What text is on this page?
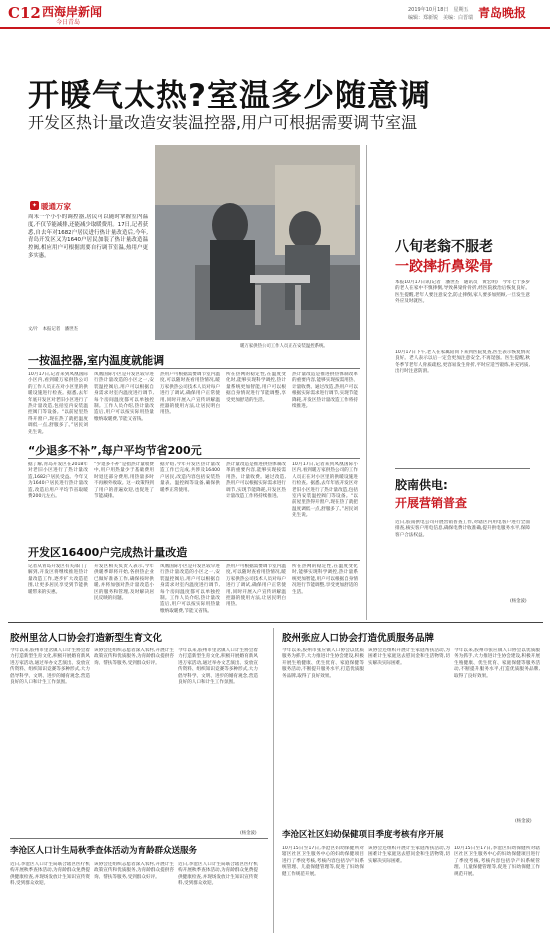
C12 西海岸新闻
今日青岛
2019年10月18日　星期五
编辑：郑新锐　美编：白晋瑞 青岛晚报
开暖气太热?室温多少随意调
开发区热计量改造安装温控器,用户可根据需要调节室温
✦ 暖通万家
周末一个小小的调控器,居民可以随时掌握室内温度,不仅节能减排,还能减少取暖费用。17日,记者获悉,自去年对1682户居民进行热计量改造后,今年,青岛开发区又为1640户居民加装了热计量改造温控阀,相应用户可根据需要自行调节室温,热用户更多实惠。
文/片　本报记者　潘世杰
暖万家供热公司工作人员正在安装温控系统。
一按温控器,室内温度就能调
10月17日,记者来到凤凰国际小区内,看到暖万家供热公司的工作人员正在对小区里的供暖设施进行检查。据悉,去年年底开发区对老旧小区进行了热计量改造,包括室内安装温控阀门等设备。“以前屋里热得开窗户,现在热了就把温度调低一点,舒服多了。”居民刘先生说。
凤凰国际小区是开发区较早进行热计量改造的小区之一,安装温控阀后,用户可以根据自身需求对室内温度进行调节,每个房间温度都可以单独控制。工作人员介绍,热计量改造后,用户可以按实际用热量缴纳取暖费,节能又省钱。
热用户可根据需要调节室内温度,可以随时查看用热情况,暖万家供热公司技术人员对每户进行了调试,确保用户正常使用,同时开展入户宣传讲解温控器的使用方法,让居民明白用热。
所在热网的稳定性,在温度变化时,能够实现科学调控,热计量系统更加智能,用户可以根据自身情况进行节能调整,享受更加舒适的生活。
热计量改造是推进供热体制改革的重要内容,能够实现按需用热、计量收费。通过改造,热用户可以根据实际需求进行调节,实现节能降耗,开发区热计量改造工作将持续推进。
“少退多不补”,每户平均节省200元
据了解,青岛开发区在2018年对老旧小区进行了热计量改造,1682户居民受益。今年又为1640户居民进行热计量改造,改造后用户平均节省取暖费200元左右。
“少退多不补”是指热计量收费中,用户用热量少于基础费用时退还部分费用,用热量多时不再额外收取。这一政策得到了用户的普遍欢迎,也促进了节能减排。
据介绍,今年开发区热计量改造工作已完成,共涉及16400户居民,改造内容包括安装热量表、温控阀等设备,确保供暖季正常使用。
热计量改造是推进供热体制改革的重要内容,能够实现按需用热、计量收费。通过改造,热用户可以根据实际需求进行调节,实现节能降耗,开发区热计量改造工作将持续推进。
10月17日,记者来到凤凰国际小区内,看到暖万家供热公司的工作人员正在对小区里的供暖设施进行检查。据悉,去年年底开发区对老旧小区进行了热计量改造,包括室内安装温控阀门等设备。“以前屋里热得开窗户,现在热了就把温度调低一点,舒服多了。”居民刘先生说。
开发区16400户完成热计量改造
记者从青岛开发区有关部门了解到,开发区将继续推进热计量改造工作,逐步扩大改造范围,让更多居民享受到节能供暖带来的实惠。
开发区相关负责人表示,今年供暖季即将开始,各供热企业已做好准备工作,确保按时供暖,并将加强对热计量改造小区的服务和管理,及时解决居民反映的问题。
凤凰国际小区是开发区较早进行热计量改造的小区之一,安装温控阀后,用户可以根据自身需求对室内温度进行调节,每个房间温度都可以单独控制。工作人员介绍,热计量改造后,用户可以按实际用热量缴纳取暖费,节能又省钱。
热用户可根据需要调节室内温度,可以随时查看用热情况,暖万家供热公司技术人员对每户进行了调试,确保用户正常使用,同时开展入户宣传讲解温控器的使用方法,让居民明白用热。
所在热网的稳定性,在温度变化时,能够实现科学调控,热计量系统更加智能,用户可以根据自身情况进行节能调整,享受更加舒适的生活。
八旬老翁不服老
一跤摔折鼻梁骨
本报10月17日讯(记者　潘世杰　通讯员　黄宏明)　今年七十多岁的老人在家中不慎摔倒,导致鼻梁骨骨折,经医院救治后恢复良好。医生提醒,老年人要注意安全,防止摔倒,家人要多加照顾,一旦发生意外应及时就医。
10月17日下午,老人在家属陪同下来到医院复查,医生表示恢复情况良好。老人表示以后一定会更加注意安全,不再逞强。医生提醒,秋冬季节老年人骨质疏松,更容易发生骨折,平时应适当锻炼,补充钙质,出行时注意防滑。
胶南供电:
开展营销普查
近日,胶南供电公司开展营销普查工作,对辖区内用电客户进行全面排查,核实客户用电信息,确保电费计收准确,提升供电服务水平,保障客户合法权益。
(杨金波)
胶州里岔人口协会打造新型生育文化
今年以来,胶州市里岔镇人口计生协会着力打造新型生育文化,积极开展婚育新风进万家活动,通过举办文艺演出、发放宣传资料、组织知识竞赛等多种形式,大力倡导科学、文明、进步的婚育观念,营造良好的人口和计生工作氛围。
该协会还组织志愿者深入农村,开展计生政策宣传和优质服务,为育龄群众提供咨询、帮扶等服务,受到群众好评。
今年以来,胶州市里岔镇人口计生协会着力打造新型生育文化,积极开展婚育新风进万家活动,通过举办文艺演出、发放宣传资料、组织知识竞赛等多种形式,大力倡导科学、文明、进步的婚育观念,营造良好的人口和计生工作氛围。
(杨金波)
李沧区人口计生局秋季查体活动为育龄群众送服务
近日,李沧区人口计生局联合辖区医疗机构开展秋季查体活动,为育龄群众免费提供健康检查,并现场发放计生知识宣传资料,受到群众欢迎。
该协会还组织志愿者深入农村,开展计生政策宣传和优质服务,为育龄群众提供咨询、帮扶等服务,受到群众好评。
近日,李沧区人口计生局联合辖区医疗机构开展秋季查体活动,为育龄群众免费提供健康检查,并现场发放计生知识宣传资料,受到群众欢迎。
胶州张应人口协会打造优质服务品牌
今年以来,胶州市张应镇人口协会以优质服务为抓手,大力推进计生协会建设,积极开展生殖健康、优生优育、家庭保健等服务活动,不断提升服务水平,打造优质服务品牌,取得了良好效果。
该协会还组织开展计生家庭帮扶活动,为困难计生家庭送去慰问金和生活物资,切实解决实际困难。
今年以来,胶州市张应镇人口协会以优质服务为抓手,大力推进计生协会建设,积极开展生殖健康、优生优育、家庭保健等服务活动,不断提升服务水平,打造优质服务品牌,取得了良好效果。
(杨金波)
李沧区社区妇幼保健项目季度考核有序开展
10月15日至17日,李沧区妇幼保健所对辖区社区卫生服务中心的妇幼保健项目进行了季度考核,考核内容包括孕产妇系统管理、儿童保健管理等,促进了妇幼保健工作规范开展。
该协会还组织开展计生家庭帮扶活动,为困难计生家庭送去慰问金和生活物资,切实解决实际困难。
10月15日至17日,李沧区妇幼保健所对辖区社区卫生服务中心的妇幼保健项目进行了季度考核,考核内容包括孕产妇系统管理、儿童保健管理等,促进了妇幼保健工作规范开展。
